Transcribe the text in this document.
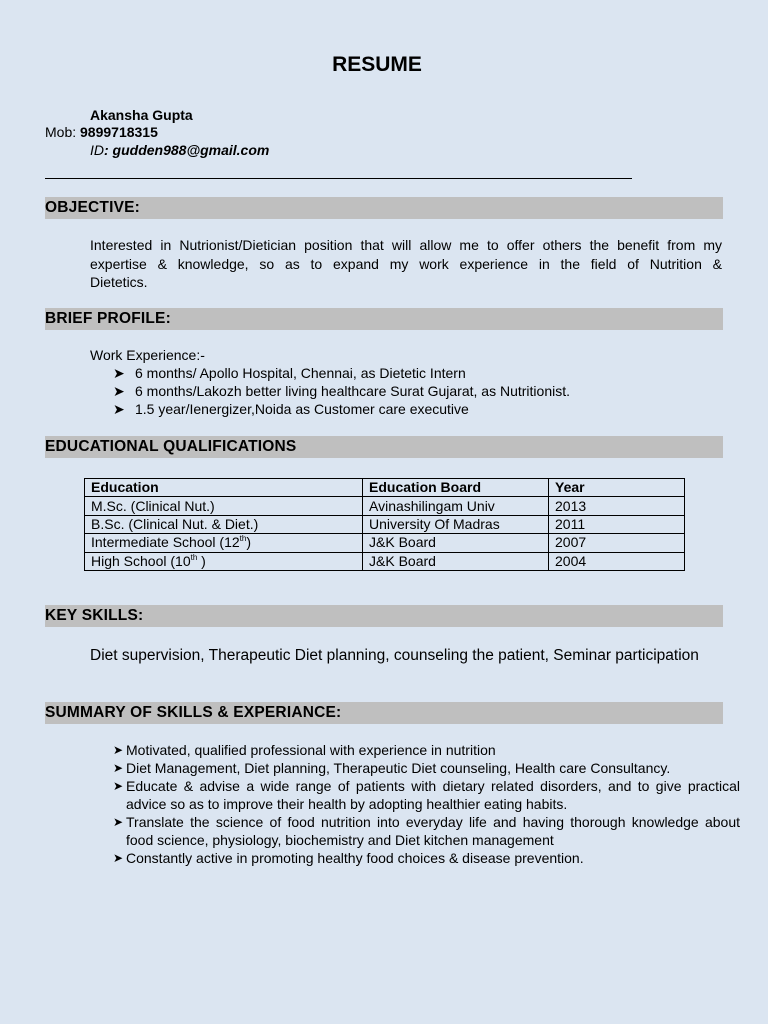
RESUME
Akansha Gupta
Mob: 9899718315
ID: gudden988@gmail.com
OBJECTIVE:
Interested in Nutrionist/Dietician position that will allow me to offer others the benefit from my
expertise & knowledge, so as to expand my work experience in the field of Nutrition &
Dietetics.
BRIEF PROFILE:
Work Experience:-
➤ 6 months/ Apollo Hospital, Chennai, as Dietetic Intern
➤ 6 months/Lakozh better living healthcare Surat Gujarat, as Nutritionist.
➤ 1.5 year/Ienergizer,Noida as Customer care executive
EDUCATIONAL QUALIFICATIONS
Education	Education Board	Year
M.Sc. (Clinical Nut.)	Avinashilingam Univ	2013
B.Sc. (Clinical Nut. & Diet.)	University Of Madras	2011
Intermediate School (12th)	J&K Board	2007
High School (10th )	J&K Board	2004
KEY SKILLS:
Diet supervision, Therapeutic Diet planning, counseling the patient, Seminar participation
SUMMARY OF SKILLS & EXPERIANCE:
➤ Motivated, qualified professional with experience in nutrition
➤ Diet Management, Diet planning, Therapeutic Diet counseling, Health care Consultancy.
➤ Educate & advise a wide range of patients with dietary related disorders, and to give practical advice so as to improve their health by adopting healthier eating habits.
➤ Translate the science of food nutrition into everyday life and having thorough knowledge about food science, physiology, biochemistry and Diet kitchen management
➤ Constantly active in promoting healthy food choices & disease prevention.
